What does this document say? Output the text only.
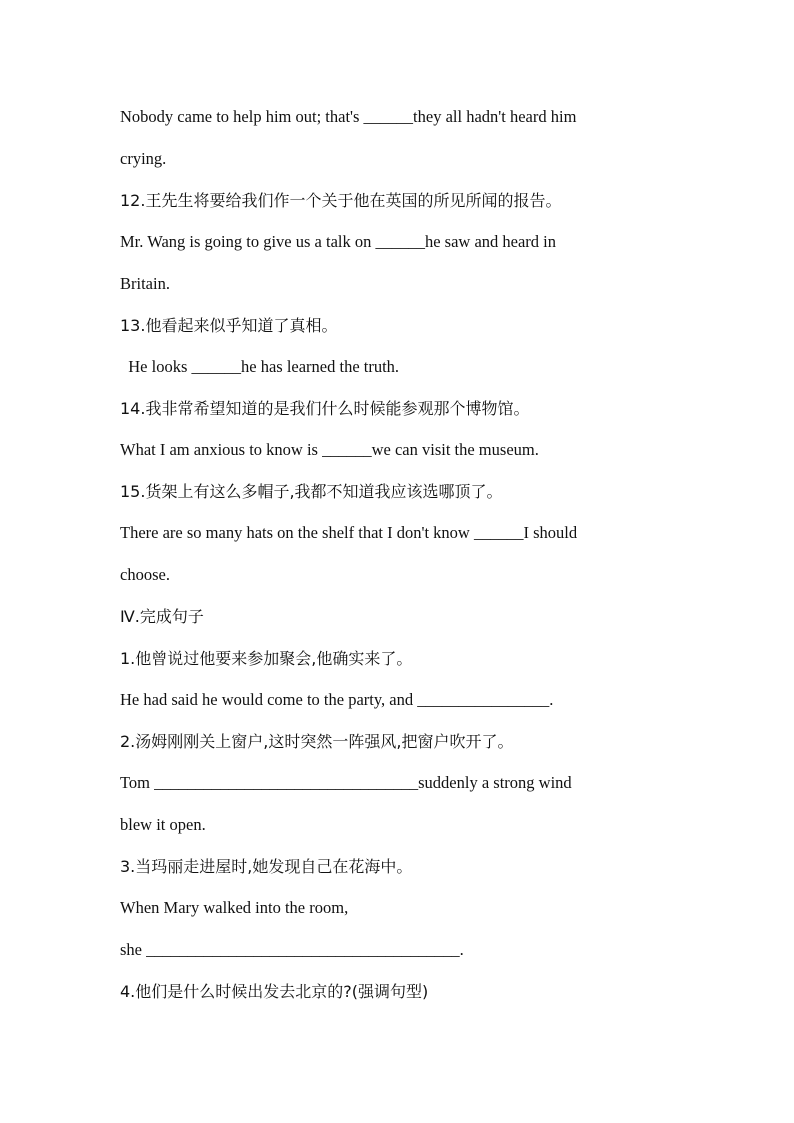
Nobody came to help him out; that's ______they all hadn't heard him
crying.
12.王先生将要给我们作一个关于他在英国的所见所闻的报告。
Mr. Wang is going to give us a talk on ______he saw and heard in
Britain.
13.他看起来似乎知道了真相。
He looks ______he has learned the truth.
14.我非常希望知道的是我们什么时候能参观那个博物馆。
What I am anxious to know is ______we can visit the museum.
15.货架上有这么多帽子,我都不知道我应该选哪顶了。
There are so many hats on the shelf that I don't know ______I should
choose.
Ⅳ.完成句子
1.他曾说过他要来参加聚会,他确实来了。
He had said he would come to the party, and ________________.
2.汤姆刚刚关上窗户,这时突然一阵强风,把窗户吹开了。
Tom ________________________________suddenly a strong wind
blew it open.
3.当玛丽走进屋时,她发现自己在花海中。
When Mary walked into the room,
she ______________________________________.
4.他们是什么时候出发去北京的?(强调句型)
